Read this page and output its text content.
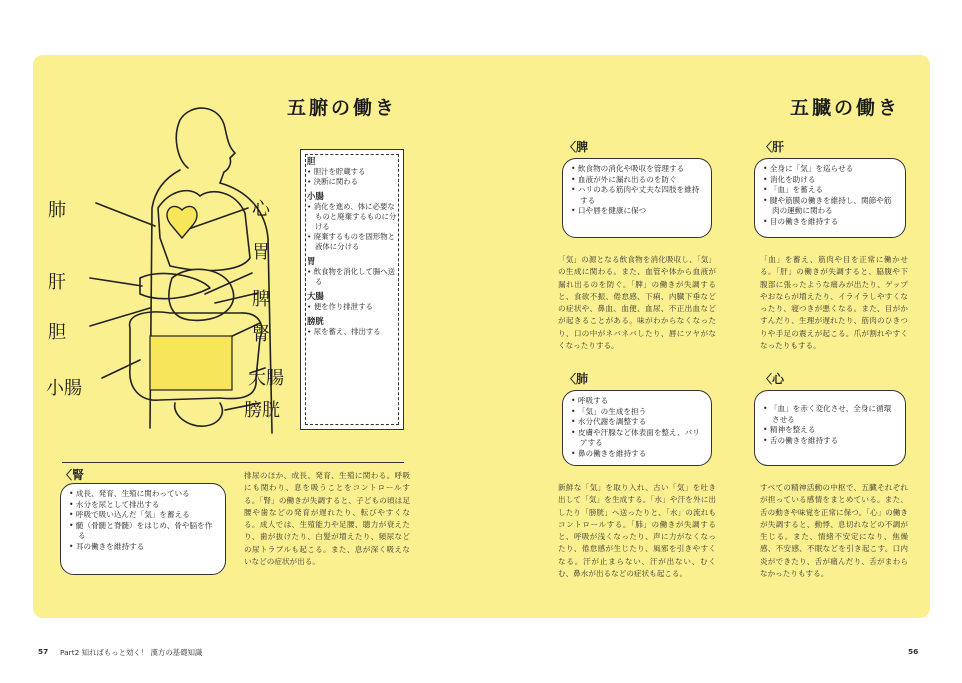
五腑の働き
肺	心
胃
肝
脾
胆	腎
小腸	大腸
膀胱
胆
• 胆汁を貯蔵する
• 決断に関わる
小腸
• 消化を進め、体に必要なものと廃棄するものに分ける
• 廃棄するものを固形物と液体に分ける
胃
• 飲食物を消化して腸へ送る
大腸
• 便を作り排泄する
膀胱
• 尿を蓄え、排出する
〈腎
• 成長、発育、生殖に関わっている
• 水分を尿として排出する
• 呼吸で吸い込んだ「気」を蓄える
• 髄（骨髄と脊髄）をはじめ、骨や脳を作る
• 耳の働きを維持する
排尿のほか、成長、発育、生殖に関わる。呼吸にも関わり、息を吸うことをコントロールする。「腎」の働きが失調すると、子どもの頃は足腰や歯などの発育が遅れたり、転びやすくなる。成人では、生殖能力や足腰、聴力が衰えたり、歯が抜けたり、白髪が増えたり、頻尿などの尿トラブルも起こる。また、息が深く吸えないなどの症状が出る。
五臓の働き
〈脾
• 飲食物の消化や吸収を管理する
• 血液が外に漏れ出るのを防ぐ
• ハリのある筋肉や丈夫な四肢を維持する
• 口や唇を健康に保つ
「気」の源となる飲食物を消化吸収し、「気」の生成に関わる。また、血管や体から血液が漏れ出るのを防ぐ。「脾」の働きが失調すると、食欲不振、倦怠感、下痢、内臓下垂などの症状や、鼻血、血便、血尿、不正出血などが起きることがある。味がわからなくなったり、口の中がネバネバしたり、唇にツヤがなくなったりする。
〈肝
• 全身に「気」を巡らせる
• 消化を助ける
• 「血」を蓄える
• 腱や筋膜の働きを維持し、関節や筋肉の運動に関わる
• 目の働きを維持する
「血」を蓄え、筋肉や目を正常に働かせる。「肝」の働きが失調すると、脇腹や下腹部に張ったような痛みが出たり、ゲップやおならが増えたり、イライラしやすくなったり、寝つきが悪くなる。また、目がかすんだり、生理が遅れたり、筋肉のひきつりや手足の震えが起こる。爪が割れやすくなったりもする。
〈肺
• 呼吸する
• 「気」の生成を担う
• 水分代謝を調整する
• 皮膚や汗腺など体表面を整え、バリアする
• 鼻の働きを維持する
新鮮な「気」を取り入れ、古い「気」を吐き出して「気」を生成する。「水」や汗を外に出したり「膀胱」へ送ったりと、「水」の流れもコントロールする。「肺」の働きが失調すると、呼吸が浅くなったり、声に力がなくなったり、倦怠感が生じたり、風邪を引きやすくなる。汗が止まらない、汗が出ない、むくむ、鼻水が出るなどの症状も起こる。
〈心
• 「血」を赤く変化させ、全身に循環させる
• 精神を整える
• 舌の働きを維持する
すべての精神活動の中枢で、五臓それぞれが担っている感情をまとめている。また、舌の動きや味覚を正常に保つ。「心」の働きが失調すると、動悸、息切れなどの不調が生じる。また、情緒不安定になり、焦燥感、不安感、不眠などを引き起こす。口内炎ができたり、舌が痛んだり、舌がまわらなかったりもする。
57 Part2 知ればもっと効く！ 漢方の基礎知識	56
